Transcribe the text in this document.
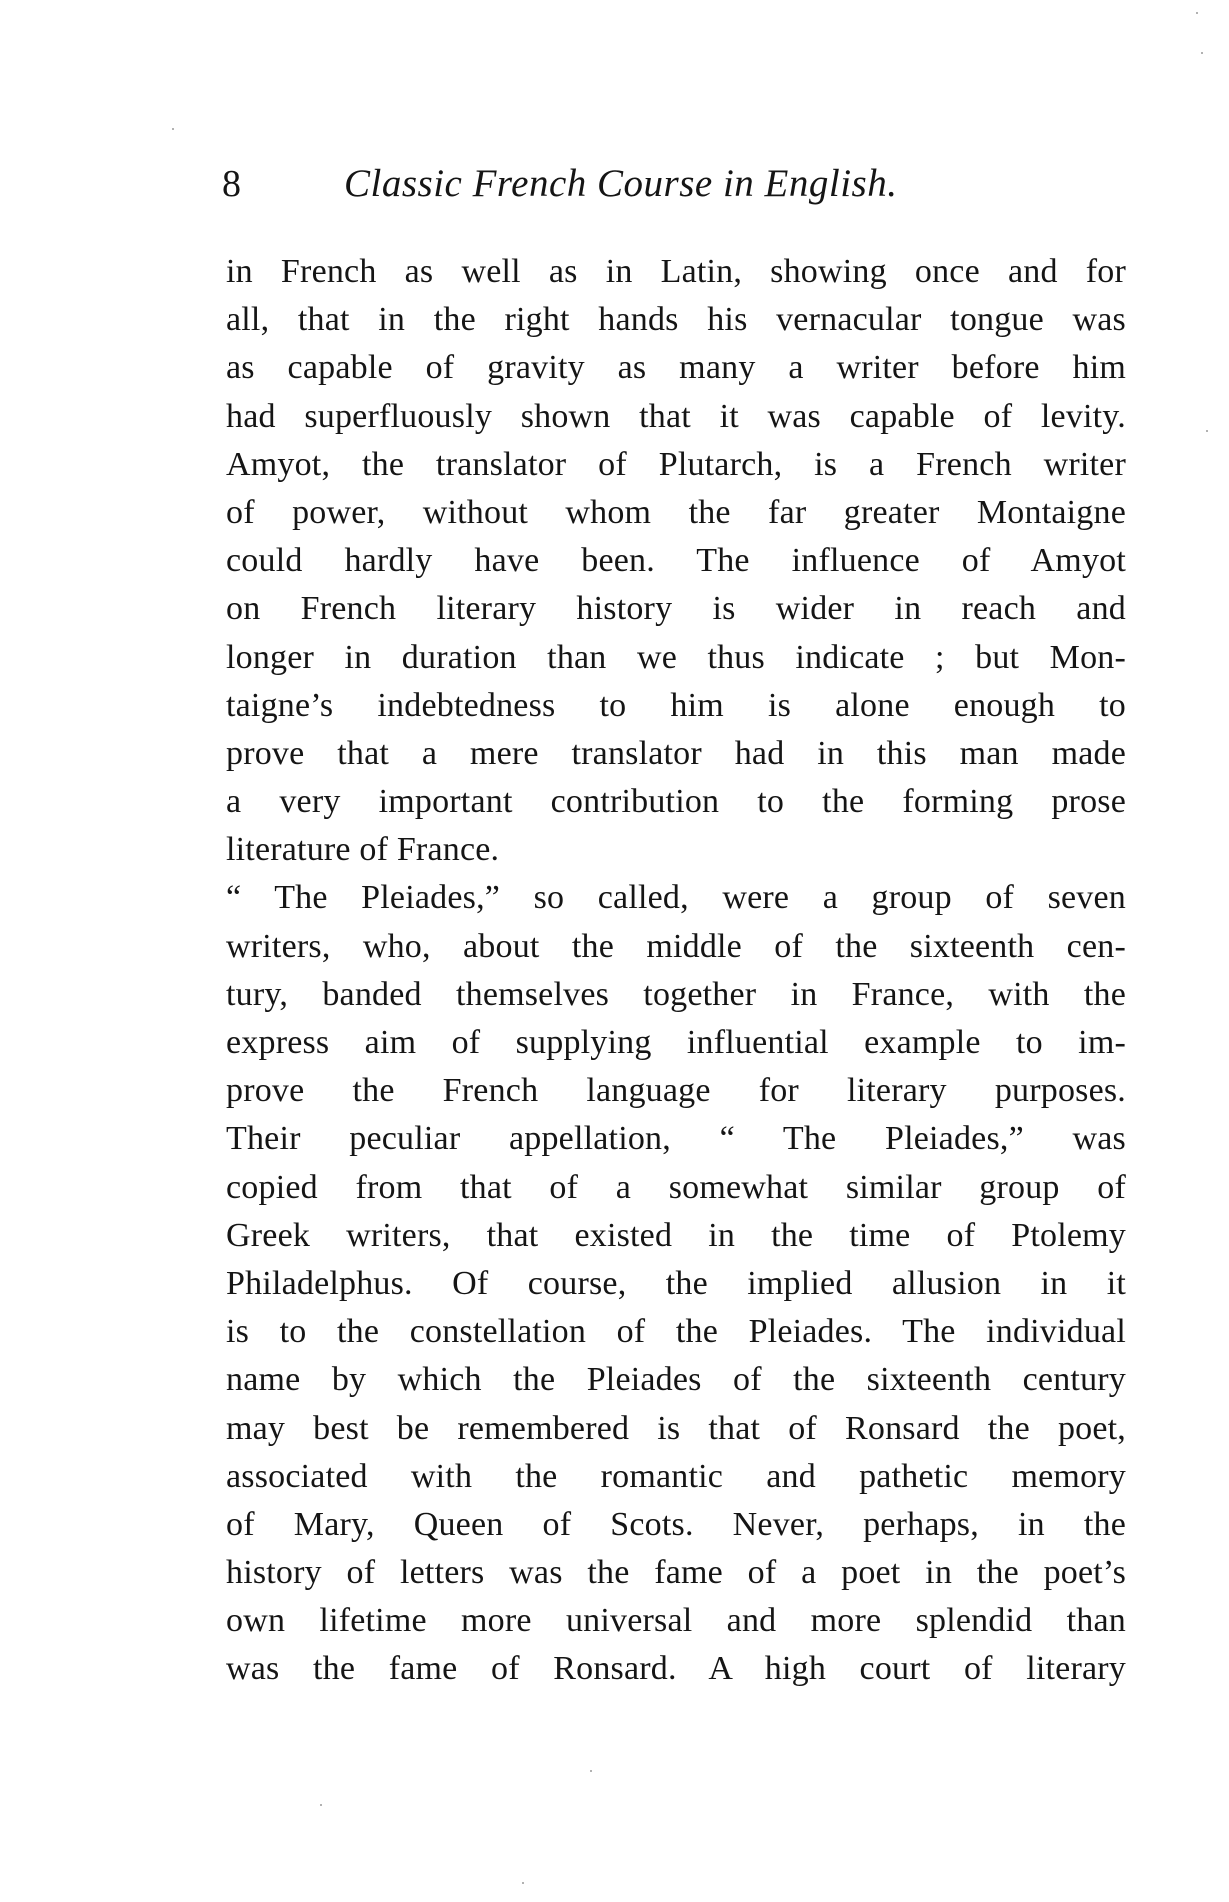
8	Classic French Course in English.
in French as well as in Latin, showing once and for
all, that in the right hands his vernacular tongue was
as capable of gravity as many a writer before him
had superfluously shown that it was capable of levity.
Amyot, the translator of Plutarch, is a French writer
of power, without whom the far greater Montaigne
could hardly have been. The influence of Amyot
on French literary history is wider in reach and
longer in duration than we thus indicate ; but Mon-
taigne’s indebtedness to him is alone enough to
prove that a mere translator had in this man made
a very important contribution to the forming prose
literature of France.
“ The Pleiades,” so called, were a group of seven
writers, who, about the middle of the sixteenth cen-
tury, banded themselves together in France, with the
express aim of supplying influential example to im-
prove the French language for literary purposes.
Their peculiar appellation, “ The Pleiades,” was
copied from that of a somewhat similar group of
Greek writers, that existed in the time of Ptolemy
Philadelphus. Of course, the implied allusion in it
is to the constellation of the Pleiades. The individual
name by which the Pleiades of the sixteenth century
may best be remembered is that of Ronsard the poet,
associated with the romantic and pathetic memory
of Mary, Queen of Scots. Never, perhaps, in the
history of letters was the fame of a poet in the poet’s
own lifetime more universal and more splendid than
was the fame of Ronsard. A high court of literary
